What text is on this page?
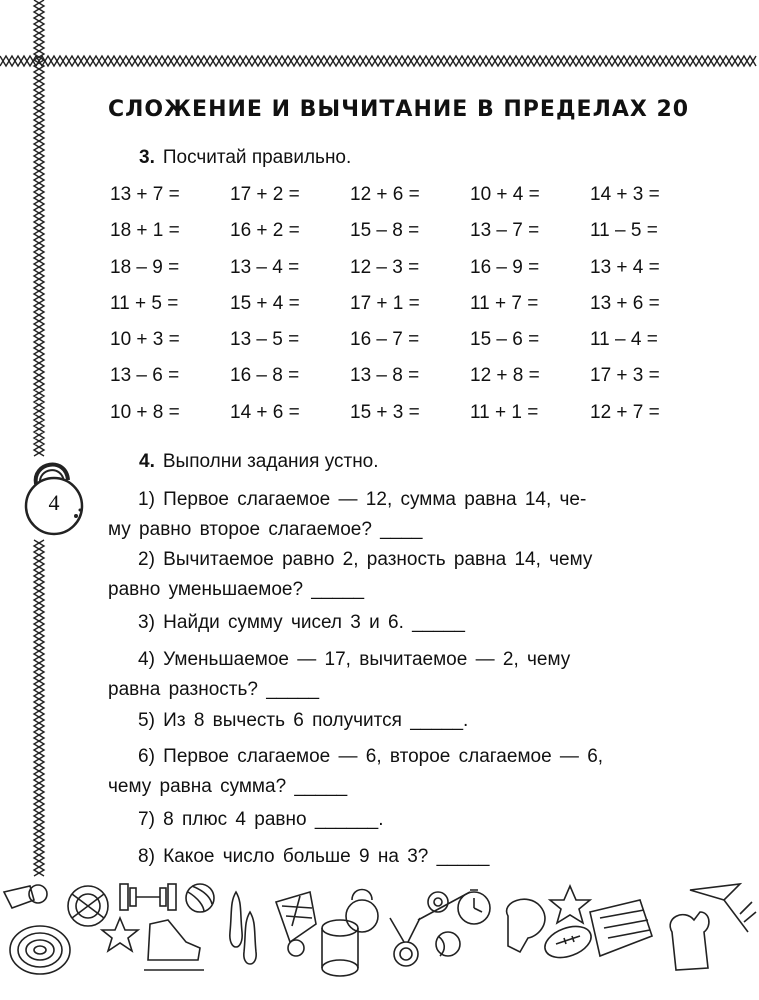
СЛОЖЕНИЕ И ВЫЧИТАНИЕ В ПРЕДЕЛАХ 20
3. Посчитай правильно.
13 + 7 =	17 + 2 =	12 + 6 =	10 + 4 =	14 + 3 =
18 + 1 =	16 + 2 =	15 – 8 =	13 – 7 =	11 – 5 =
18 – 9 =	13 – 4 =	12 – 3 =	16 – 9 =	13 + 4 =
11 + 5 =	15 + 4 =	17 + 1 =	11 + 7 =	13 + 6 =
10 + 3 =	13 – 5 =	16 – 7 =	15 – 6 =	11 – 4 =
13 – 6 =	16 – 8 =	13 – 8 =	12 + 8 =	17 + 3 =
10 + 8 =	14 + 6 =	15 + 3 =	11 + 1 =	12 + 7 =
4
4. Выполни задания устно.
1) Первое слагаемое — 12, сумма равна 14, че-
му равно второе слагаемое? ____
2) Вычитаемое равно 2, разность равна 14, чему
равно уменьшаемое? _____
3) Найди сумму чисел 3 и 6. _____
4) Уменьшаемое — 17, вычитаемое — 2, чему
равна разность? _____
5) Из 8 вычесть 6 получится _____.
6) Первое слагаемое — 6, второе слагаемое — 6,
чему равна сумма? _____
7) 8 плюс 4 равно ______.
8) Какое число больше 9 на 3? _____
